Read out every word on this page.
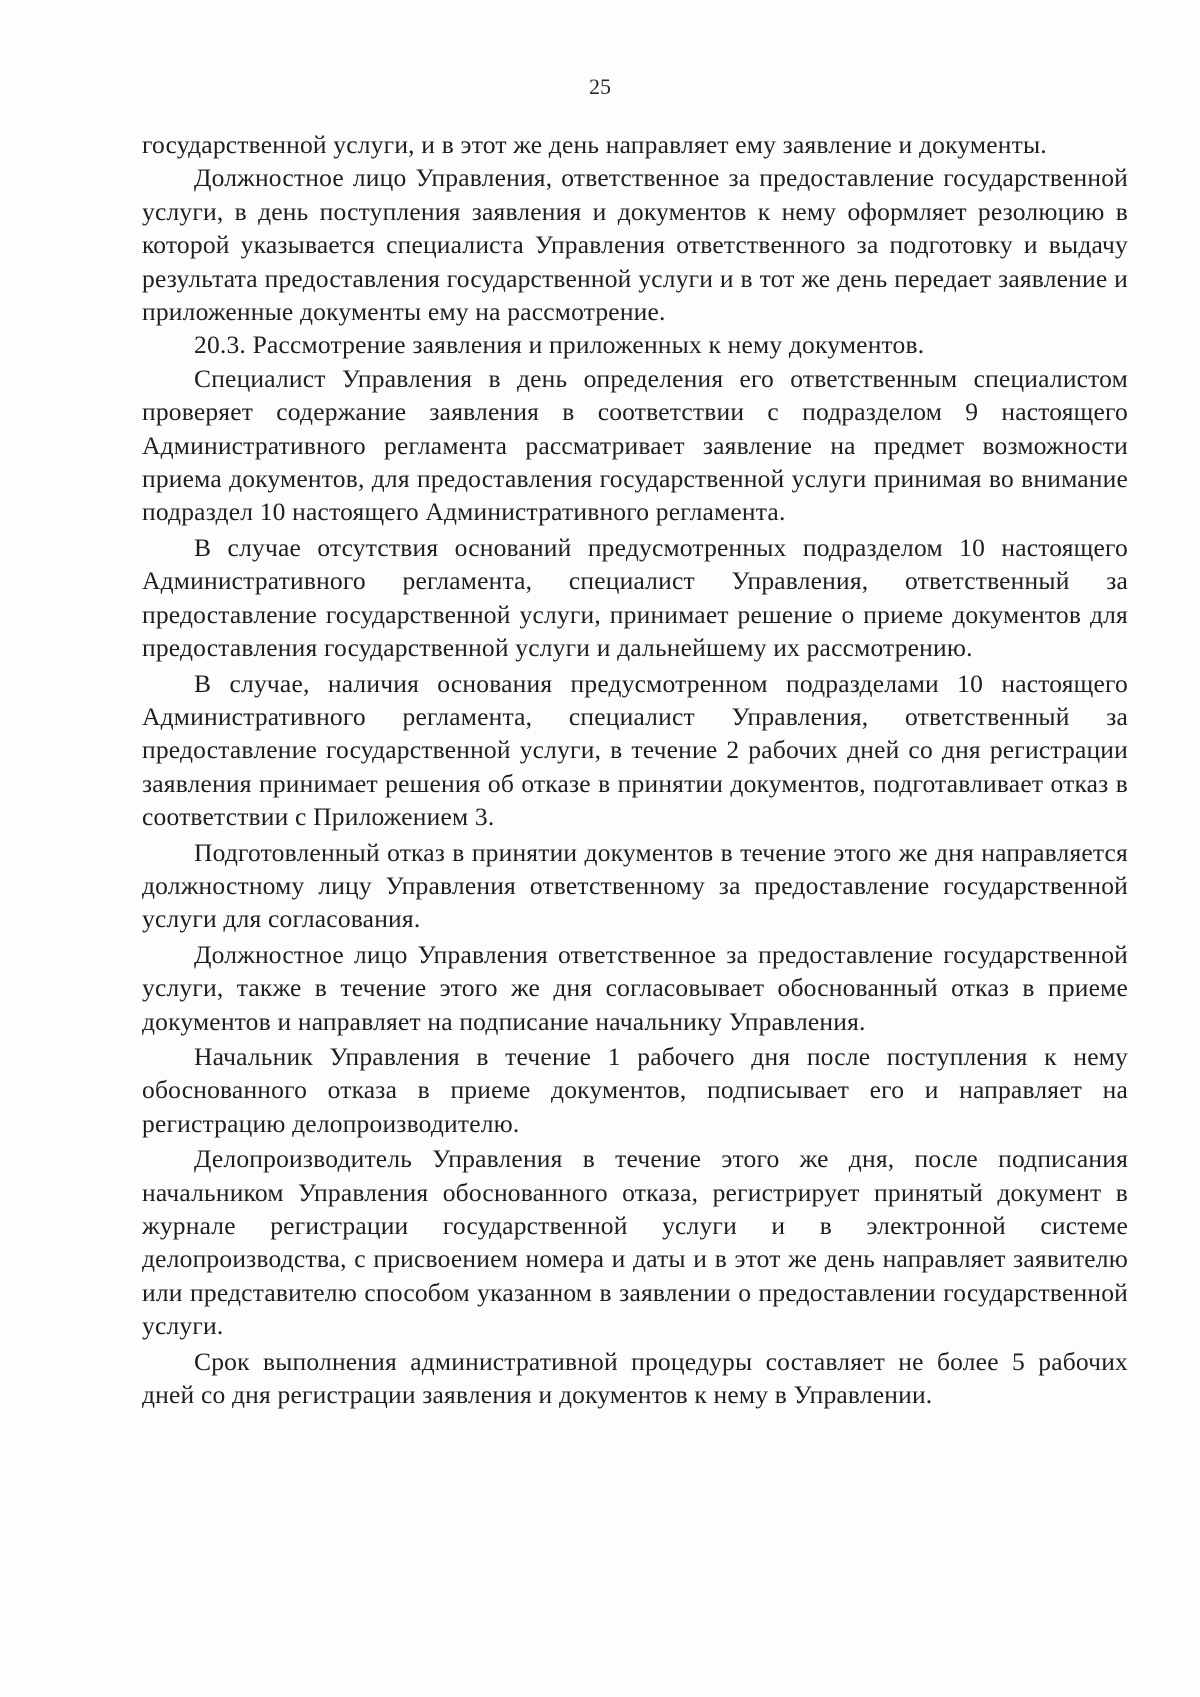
25

государственной услуги, и в этот же день направляет ему заявление и документы.

Должностное лицо Управления, ответственное за предоставление государственной услуги, в день поступления заявления и документов к нему оформляет резолюцию в которой указывается специалиста Управления ответственного за подготовку и выдачу результата предоставления государственной услуги и в тот же день передает заявление и приложенные документы ему на рассмотрение.

20.3. Рассмотрение заявления и приложенных к нему документов.

Специалист Управления в день определения его ответственным специалистом проверяет содержание заявления в соответствии с подразделом 9 настоящего Административного регламента рассматривает заявление на предмет возможности приема документов, для предоставления государственной услуги принимая во внимание подраздел 10 настоящего Административного регламента.

В случае отсутствия оснований предусмотренных подразделом 10 настоящего Административного регламента, специалист Управления, ответственный за предоставление государственной услуги, принимает решение о приеме документов для предоставления государственной услуги и дальнейшему их рассмотрению.

В случае, наличия основания предусмотренном подразделами 10 настоящего Административного регламента, специалист Управления, ответственный за предоставление государственной услуги, в течение 2 рабочих дней со дня регистрации заявления принимает решения об отказе в принятии документов, подготавливает отказ в соответствии с Приложением 3.

Подготовленный отказ в принятии документов в течение этого же дня направляется должностному лицу Управления ответственному за предоставление государственной услуги для согласования.

Должностное лицо Управления ответственное за предоставление государственной услуги, также в течение этого же дня согласовывает обоснованный отказ в приеме документов и направляет на подписание начальнику Управления.

Начальник Управления в течение 1 рабочего дня после поступления к нему обоснованного отказа в приеме документов, подписывает его и направляет на регистрацию делопроизводителю.

Делопроизводитель Управления в течение этого же дня, после подписания начальником Управления обоснованного отказа, регистрирует принятый документ в журнале регистрации государственной услуги и в электронной системе делопроизводства, с присвоением номера и даты и в этот же день направляет заявителю или представителю способом указанном в заявлении о предоставлении государственной услуги.

Срок выполнения административной процедуры составляет не более 5 рабочих дней со дня регистрации заявления и документов к нему в Управлении.
